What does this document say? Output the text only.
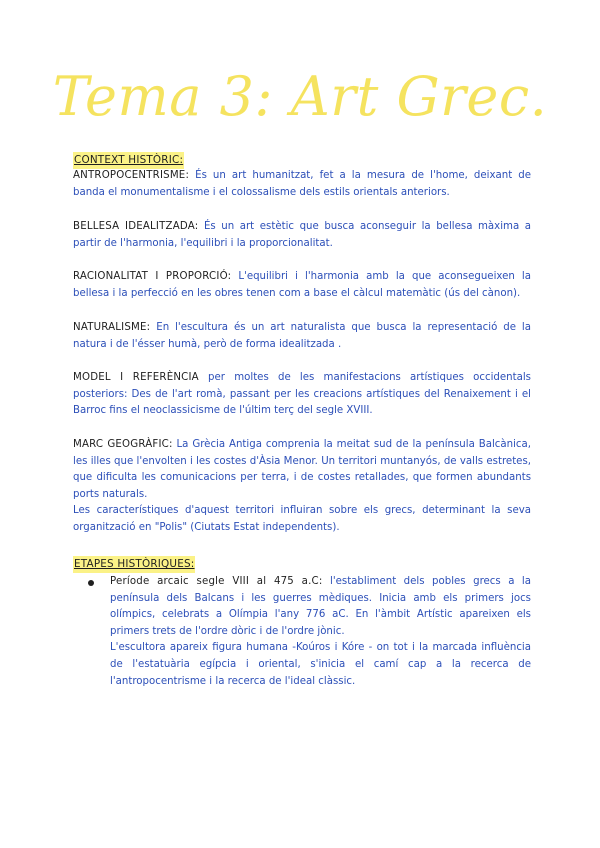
Tema 3: Art Grec.
CONTEXT HISTÒRIC:

ANTROPOCENTRISME: És un art humanitzat, fet a la mesura de l'home, deixant de banda el monumentalisme i el colossalisme dels estils orientals anteriors.

BELLESA IDEALITZADA: És un art estètic que busca aconseguir la bellesa màxima a partir de l'harmonia, l'equilibri i la proporcionalitat.

RACIONALITAT I PROPORCIÓ: L'equilibri i l'harmonia amb la que aconsegueixen la bellesa i la perfecció en les obres tenen com a base el càlcul matemàtic (ús del cànon).

NATURALISME: En l'escultura és un art naturalista que busca la representació de la natura i de l'ésser humà, però de forma idealitzada .

MODEL I REFERÈNCIA per moltes de les manifestacions artístiques occidentals posteriors: Des de l'art romà, passant per les creacions artístiques del Renaixement i el Barroc fins el neoclassicisme de l'últim terç del segle XVIII.

MARC GEOGRÀFIC: La Grècia Antiga comprenia la meitat sud de la península Balcànica, les illes que l'envolten i les costes d'Àsia Menor. Un territori muntanyós, de valls estretes, que dificulta les comunicacions per terra, i de costes retallades, que formen abundants ports naturals.

Les característiques d'aquest territori influiran sobre els grecs, determinant la seva organització en "Polis" (Ciutats Estat independents).

ETAPES HISTÒRIQUES:
Període arcaic segle VIII al 475 a.C: l'establiment dels pobles grecs a la península dels Balcans i les guerres mèdiques. Inicia amb els primers jocs olímpics, celebrats a Olímpia l'any 776 aC. En l'àmbit Artístic apareixen els primers trets de l'ordre dòric i de l'ordre jònic.
L'escultora apareix figura humana -Koúros i Kóre - on tot i la marcada influència de l'estatuària egípcia i oriental, s'inicia el camí cap a la recerca de l'antropocentrisme i la recerca de l'ideal clàssic.
